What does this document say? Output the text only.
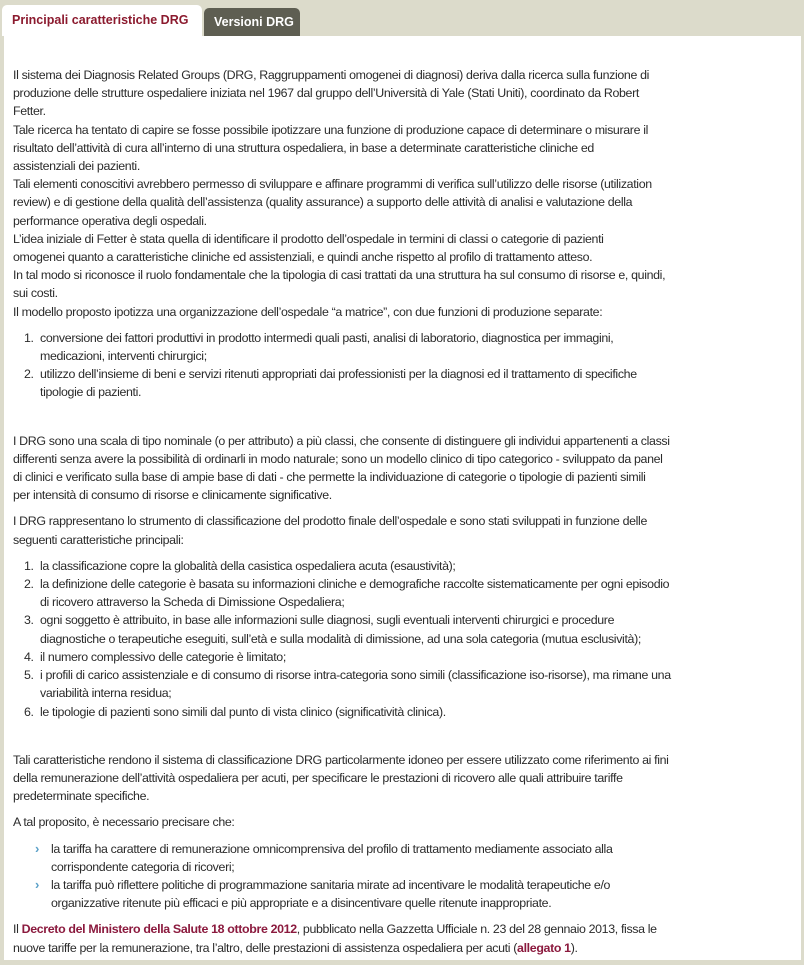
Versioni DRG
Principali caratteristiche DRG

Il sistema dei Diagnosis Related Groups (DRG, Raggruppamenti omogenei di diagnosi) deriva dalla ricerca sulla funzione di
produzione delle strutture ospedaliere iniziata nel 1967 dal gruppo dell’Università di Yale (Stati Uniti), coordinato da Robert
Fetter.
Tale ricerca ha tentato di capire se fosse possibile ipotizzare una funzione di produzione capace di determinare o misurare il
risultato dell’attività di cura all’interno di una struttura ospedaliera, in base a determinate caratteristiche cliniche ed
assistenziali dei pazienti.
Tali elementi conoscitivi avrebbero permesso di sviluppare e affinare programmi di verifica sull’utilizzo delle risorse (utilization
review) e di gestione della qualità dell’assistenza (quality assurance) a supporto delle attività di analisi e valutazione della
performance operativa degli ospedali.
L’idea iniziale di Fetter è stata quella di identificare il prodotto dell’ospedale in termini di classi o categorie di pazienti
omogenei quanto a caratteristiche cliniche ed assistenziali, e quindi anche rispetto al profilo di trattamento atteso.
In tal modo si riconosce il ruolo fondamentale che la tipologia di casi trattati da una struttura ha sul consumo di risorse e, quindi,
sui costi.
Il modello proposto ipotizza una organizzazione dell’ospedale “a matrice”, con due funzioni di produzione separate:

1. conversione dei fattori produttivi in prodotto intermedi quali pasti, analisi di laboratorio, diagnostica per immagini,
medicazioni, interventi chirurgici;
2. utilizzo dell’insieme di beni e servizi ritenuti appropriati dai professionisti per la diagnosi ed il trattamento di specifiche
tipologie di pazienti.

I DRG sono una scala di tipo nominale (o per attributo) a più classi, che consente di distinguere gli individui appartenenti a classi
differenti senza avere la possibilità di ordinarli in modo naturale; sono un modello clinico di tipo categorico - sviluppato da panel
di clinici e verificato sulla base di ampie base di dati - che permette la individuazione di categorie o tipologie di pazienti simili
per intensità di consumo di risorse e clinicamente significative.

I DRG rappresentano lo strumento di classificazione del prodotto finale dell’ospedale e sono stati sviluppati in funzione delle
seguenti caratteristiche principali:

1. la classificazione copre la globalità della casistica ospedaliera acuta (esaustività);
2. la definizione delle categorie è basata su informazioni cliniche e demografiche raccolte sistematicamente per ogni episodio
di ricovero attraverso la Scheda di Dimissione Ospedaliera;
3. ogni soggetto è attribuito, in base alle informazioni sulle diagnosi, sugli eventuali interventi chirurgici e procedure
diagnostiche o terapeutiche eseguiti, sull’età e sulla modalità di dimissione, ad una sola categoria (mutua esclusività);
4. il numero complessivo delle categorie è limitato;
5. i profili di carico assistenziale e di consumo di risorse intra-categoria sono simili (classificazione iso-risorse), ma rimane una
variabilità interna residua;
6. le tipologie di pazienti sono simili dal punto di vista clinico (significatività clinica).

Tali caratteristiche rendono il sistema di classificazione DRG particolarmente idoneo per essere utilizzato come riferimento ai fini
della remunerazione dell’attività ospedaliera per acuti, per specificare le prestazioni di ricovero alle quali attribuire tariffe
predeterminate specifiche.

A tal proposito, è necessario precisare che:

› la tariffa ha carattere di remunerazione omnicomprensiva del profilo di trattamento mediamente associato alla
corrispondente categoria di ricoveri;
› la tariffa può riflettere politiche di programmazione sanitaria mirate ad incentivare le modalità terapeutiche e/o
organizzative ritenute più efficaci e più appropriate e a disincentivare quelle ritenute inappropriate.

Il Decreto del Ministero della Salute 18 ottobre 2012, pubblicato nella Gazzetta Ufficiale n. 23 del 28 gennaio 2013, fissa le
nuove tariffe per la remunerazione, tra l’altro, delle prestazioni di assistenza ospedaliera per acuti (allegato 1).
